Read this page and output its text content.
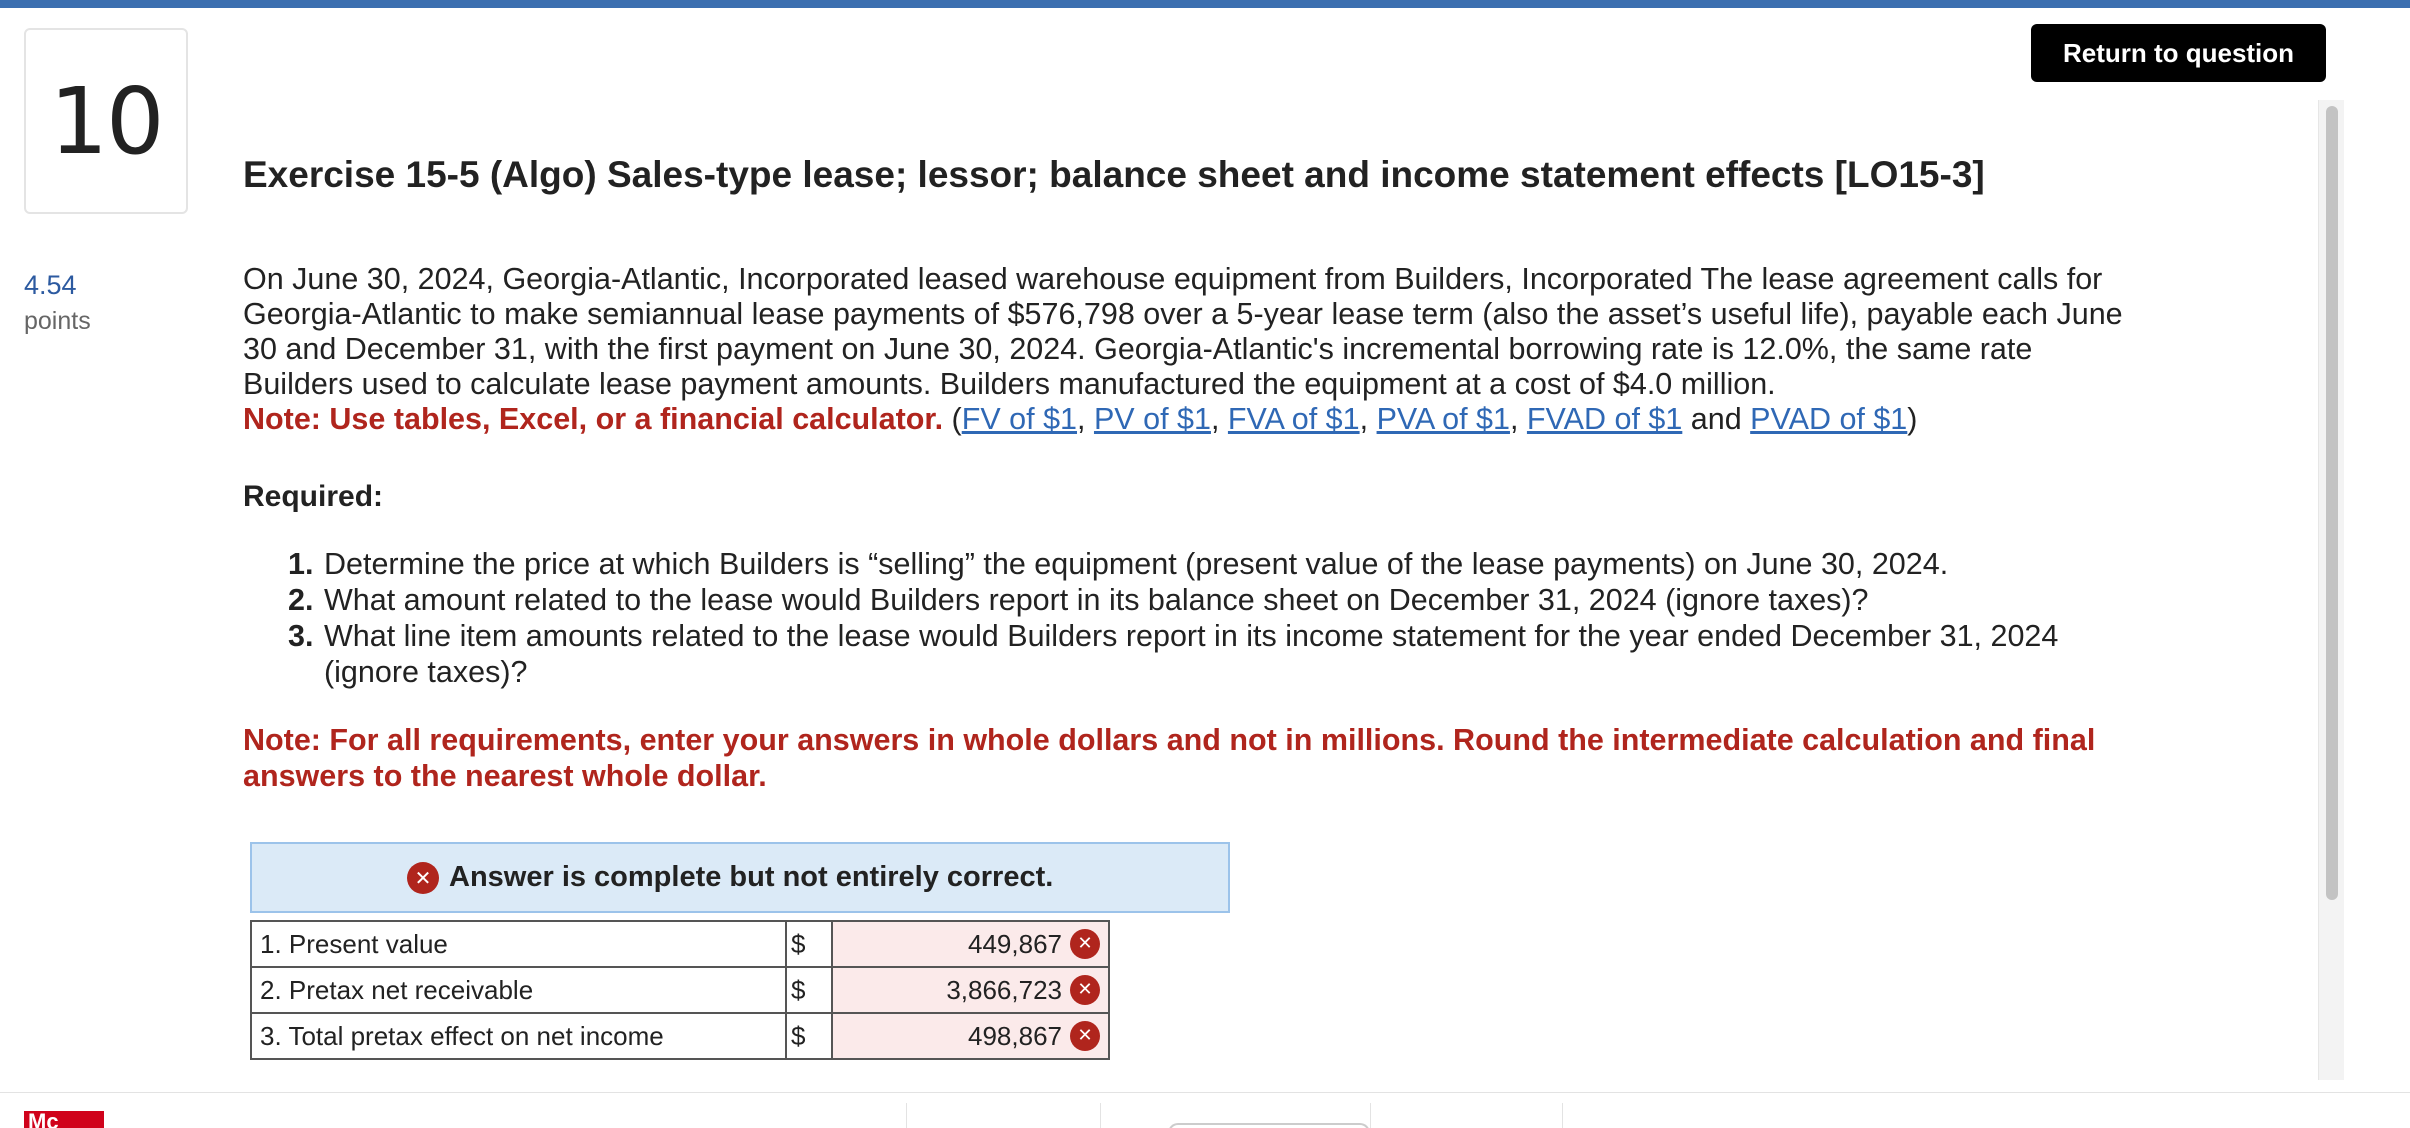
10
4.54
points
Return to question
Exercise 15-5 (Algo) Sales-type lease; lessor; balance sheet and income statement effects [LO15-3]

On June 30, 2024, Georgia-Atlantic, Incorporated leased warehouse equipment from Builders, Incorporated The lease agreement calls for Georgia-Atlantic to make semiannual lease payments of $576,798 over a 5-year lease term (also the asset’s useful life), payable each June 30 and December 31, with the first payment on June 30, 2024. Georgia-Atlantic's incremental borrowing rate is 12.0%, the same rate Builders used to calculate lease payment amounts. Builders manufactured the equipment at a cost of $4.0 million.
Note: Use tables, Excel, or a financial calculator. (FV of $1, PV of $1, FVA of $1, PVA of $1, FVAD of $1 and PVAD of $1)

Required:
1. Determine the price at which Builders is “selling” the equipment (present value of the lease payments) on June 30, 2024.
2. What amount related to the lease would Builders report in its balance sheet on December 31, 2024 (ignore taxes)?
3. What line item amounts related to the lease would Builders report in its income statement for the year ended December 31, 2024 (ignore taxes)?

Note: For all requirements, enter your answers in whole dollars and not in millions. Round the intermediate calculation and final answers to the nearest whole dollar.

✕ Answer is complete but not entirely correct.
1. Present value	$	449,867 ✕

2. Pretax net receivable	$	3,866,723 ✕

3. Total pretax effect on net income	$	498,867 ✕
Mc
